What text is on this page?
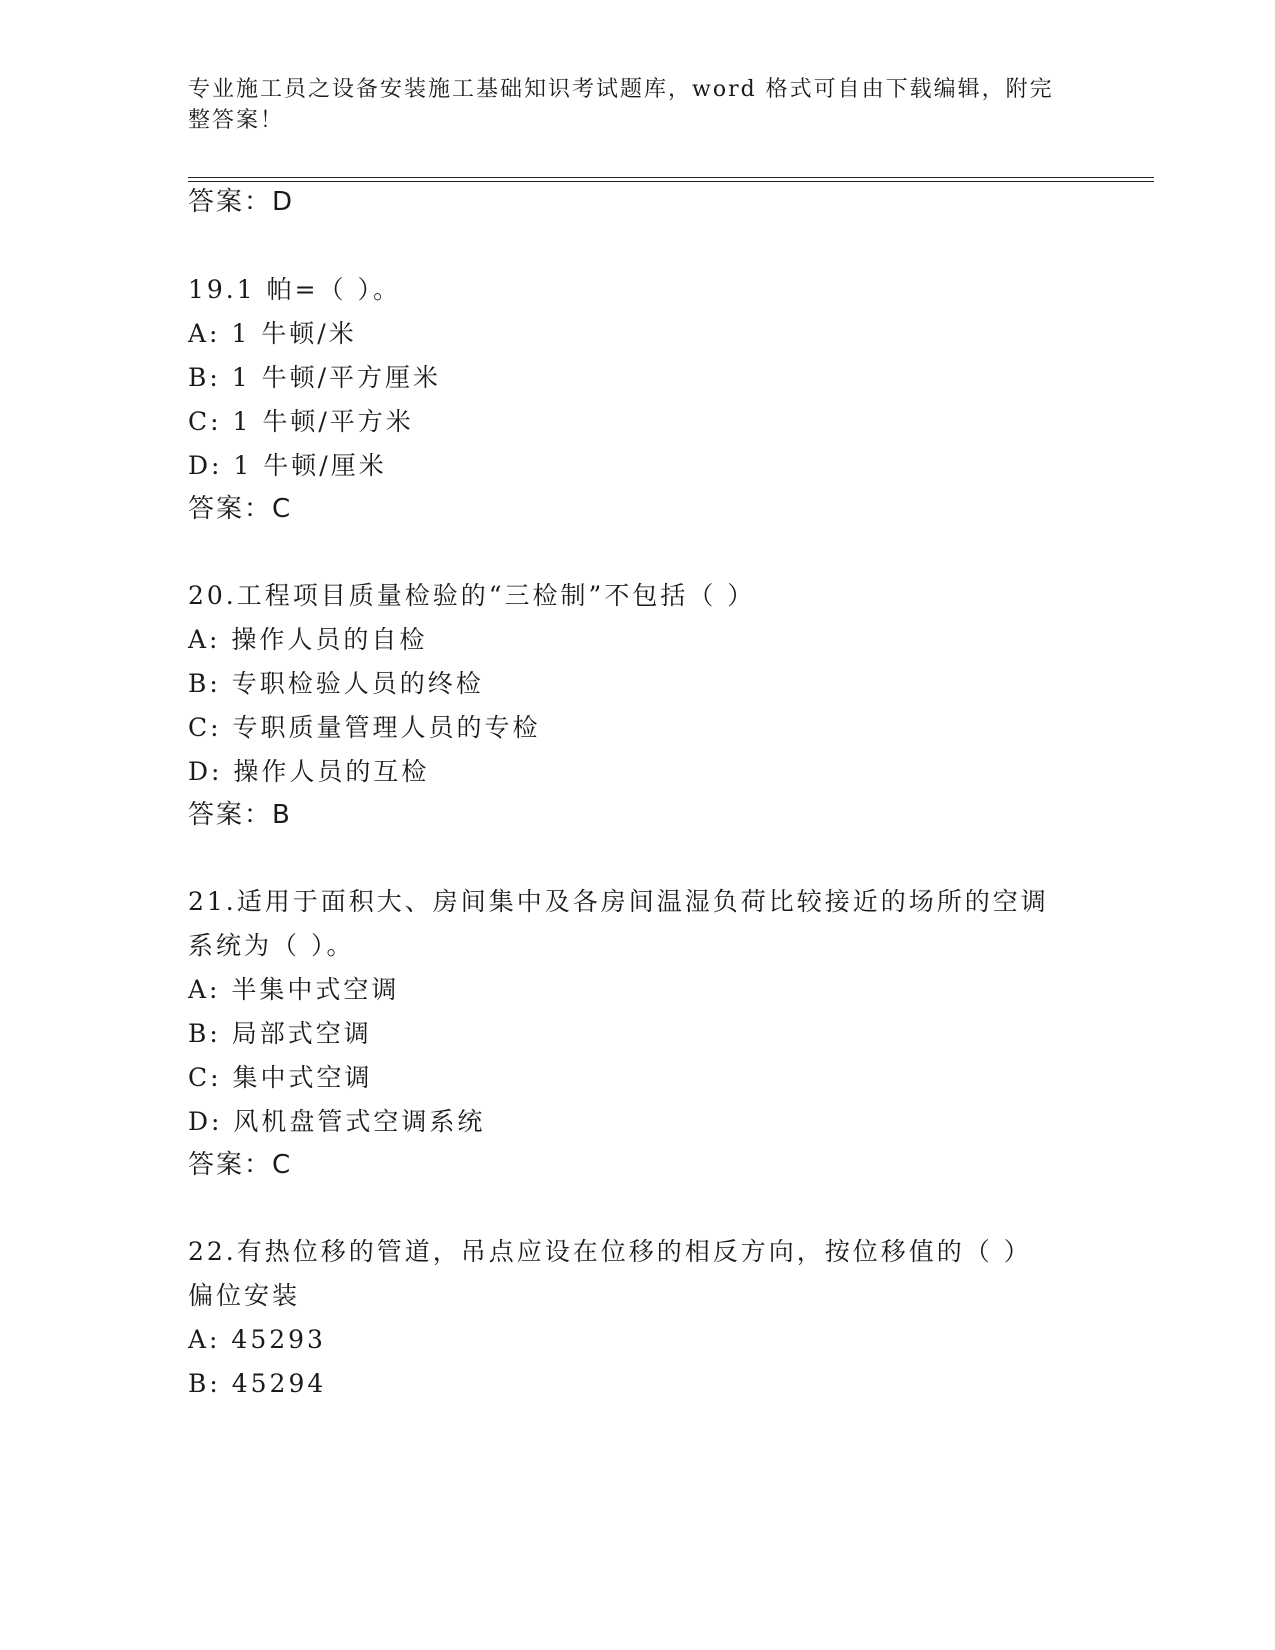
专业施工员之设备安装施工基础知识考试题库，word 格式可自由下载编辑，附完整答案！
答案：D
19.1 帕=（ ）。
A: 1 牛顿/米
B: 1 牛顿/平方厘米
C: 1 牛顿/平方米
D: 1 牛顿/厘米
答案：C
20.工程项目质量检验的“三检制”不包括（ ）
A: 操作人员的自检
B: 专职检验人员的终检
C: 专职质量管理人员的专检
D: 操作人员的互检
答案：B
21.适用于面积大、房间集中及各房间温湿负荷比较接近的场所的空调
系统为（ ）。
A: 半集中式空调
B: 局部式空调
C: 集中式空调
D: 风机盘管式空调系统
答案：C
22.有热位移的管道，吊点应设在位移的相反方向，按位移值的（ ）
偏位安装
A: 45293
B: 45294
